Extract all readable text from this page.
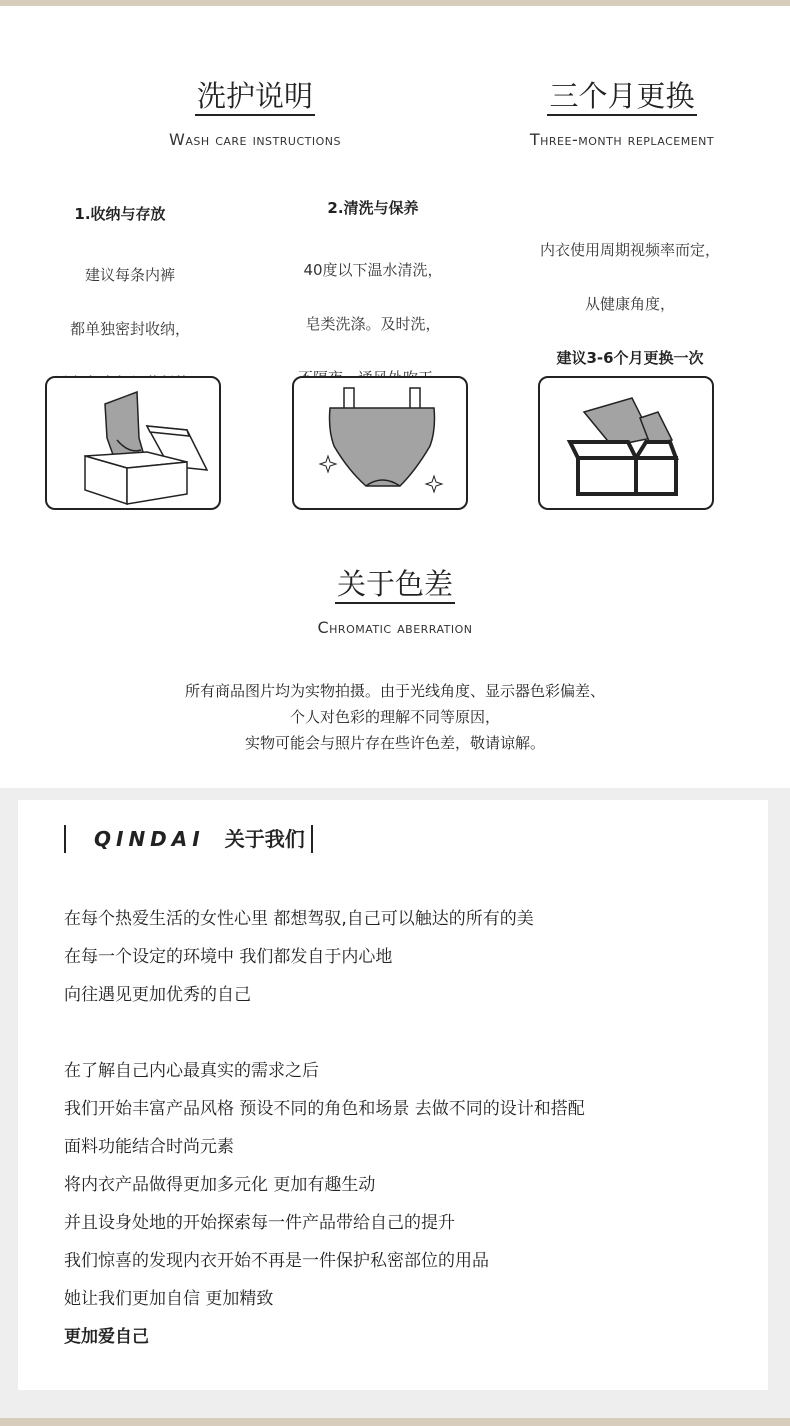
洗护说明
Wash care instructions
三个月更换
Three-month replacement
1.收纳与存放

建议每条内裤

都单独密封收纳，

2.清洗与保养

40度以下温水清洗，

皂类洗涤。及时洗，

内衣使用周期视频率而定，

从健康角度，

建议3-6个月更换一次

关于色差
Chromatic aberration
所有商品图片均为实物拍摄。由于光线角度、显示器色彩偏差、
个人对色彩的理解不同等原因，
实物可能会与照片存在些许色差，敬请谅解。
QINDAI 关于我们
在每个热爱生活的女性心里 都想驾驭,自己可以触达的所有的美
在每一个设定的环境中 我们都发自于内心地
向往遇见更加优秀的自己
在了解自己内心最真实的需求之后
我们开始丰富产品风格 预设不同的角色和场景 去做不同的设计和搭配
面料功能结合时尚元素
将内衣产品做得更加多元化 更加有趣生动
并且设身处地的开始探索每一件产品带给自己的提升
我们惊喜的发现内衣开始不再是一件保护私密部位的用品
她让我们更加自信 更加精致
更加爱自己
